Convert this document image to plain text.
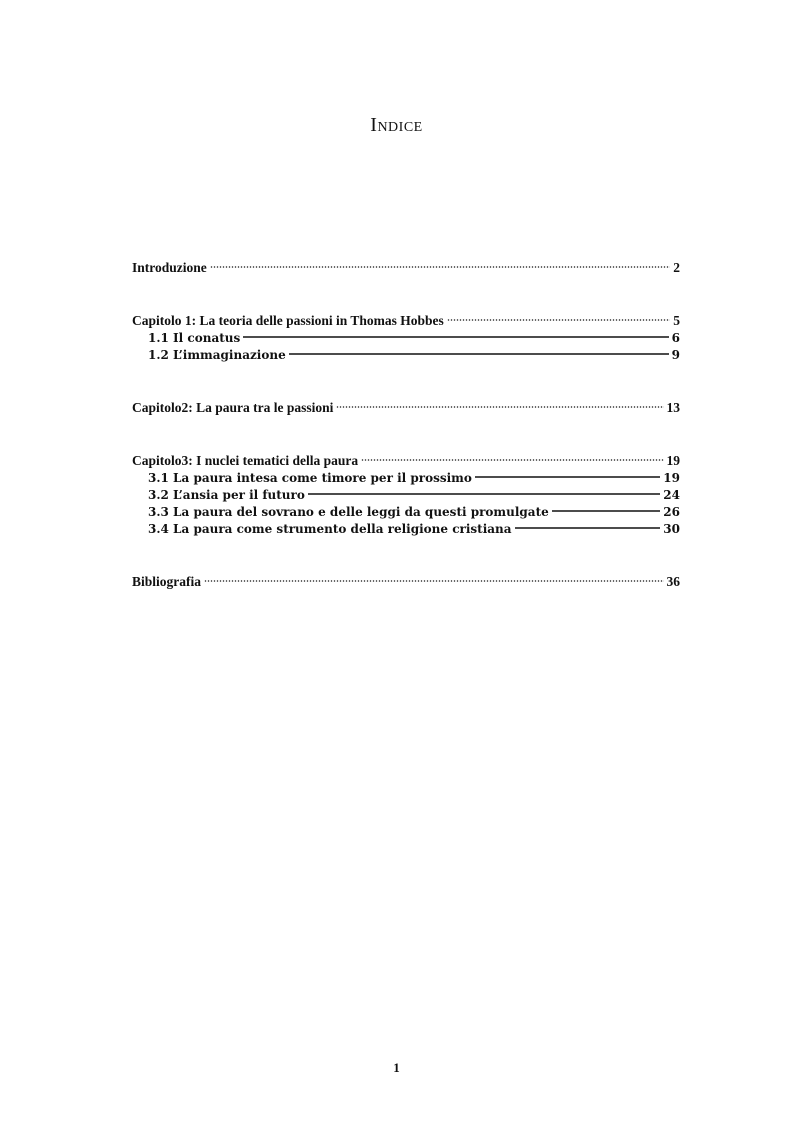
Indice
Introduzione	2
Capitolo 1: La teoria delle passioni in Thomas Hobbes	5
1.1 Il conatus	6
1.2 L’immaginazione	9
Capitolo2: La paura tra le passioni	13
Capitolo3: I nuclei tematici della paura	19
3.1 La paura intesa come timore per il prossimo	19
3.2 L’ansia per il futuro	24
3.3 La paura del sovrano e delle leggi da questi promulgate	26
3.4 La paura come strumento della religione cristiana	30
Bibliografia	36
1
